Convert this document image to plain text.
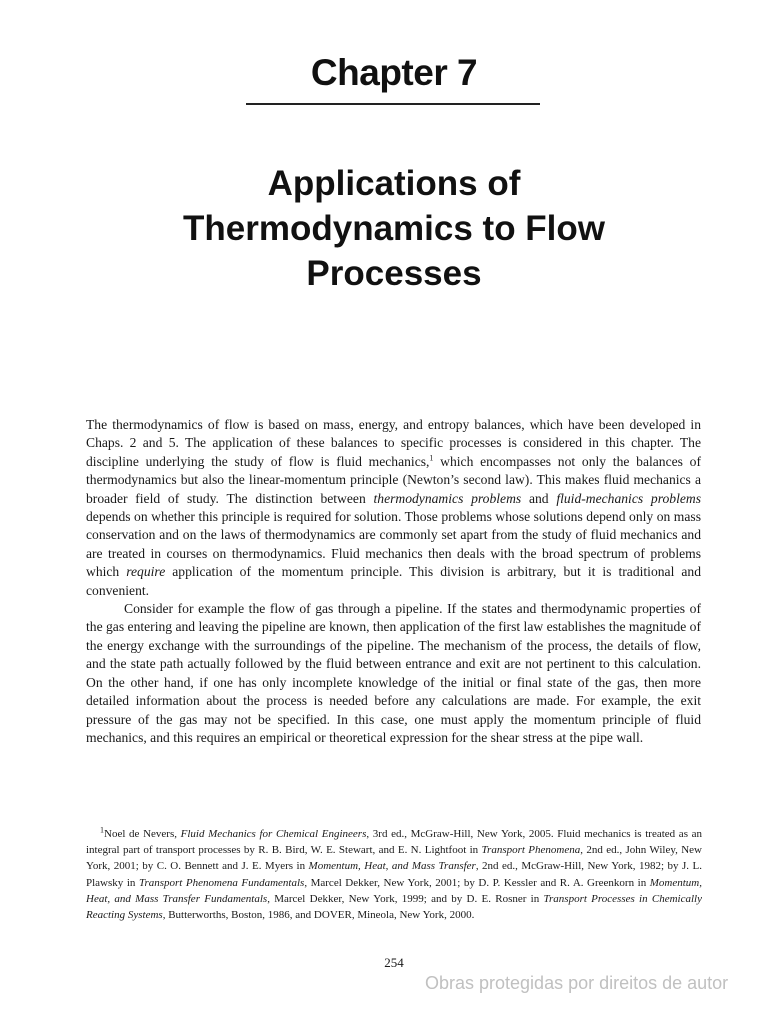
Chapter 7
Applications of
Thermodynamics to Flow
Processes

The thermodynamics of flow is based on mass, energy, and entropy balances, which have been developed in Chaps. 2 and 5. The application of these balances to specific processes is considered in this chapter. The discipline underlying the study of flow is fluid mechanics,$^1$ which encompasses not only the balances of thermodynamics but also the linear-momentum principle (Newton’s second law). This makes fluid mechanics a broader field of study. The distinction between thermodynamics problems and fluid-mechanics problems depends on whether this principle is required for solution. Those problems whose solutions depend only on mass conservation and on the laws of thermodynamics are commonly set apart from the study of fluid mechanics and are treated in courses on thermodynamics. Fluid mechanics then deals with the broad spectrum of problems which require application of the momentum principle. This division is arbitrary, but it is traditional and convenient.

Consider for example the flow of gas through a pipeline. If the states and thermodynamic properties of the gas entering and leaving the pipeline are known, then application of the first law establishes the magnitude of the energy exchange with the surroundings of the pipeline. The mechanism of the process, the details of flow, and the state path actually followed by the fluid between entrance and exit are not pertinent to this calculation. On the other hand, if one has only incomplete knowledge of the initial or final state of the gas, then more detailed information about the process is needed before any calculations are made. For example, the exit pressure of the gas may not be specified. In this case, one must apply the momentum principle of fluid mechanics, and this requires an empirical or theoretical expression for the shear stress at the pipe wall.

$^1$Noel de Nevers, Fluid Mechanics for Chemical Engineers, 3rd ed., McGraw-Hill, New York, 2005. Fluid mechanics is treated as an integral part of transport processes by R. B. Bird, W. E. Stewart, and E. N. Lightfoot in Transport Phenomena, 2nd ed., John Wiley, New York, 2001; by C. O. Bennett and J. E. Myers in Momentum, Heat, and Mass Transfer, 2nd ed., McGraw-Hill, New York, 1982; by J. L. Plawsky in Transport Phenomena Fundamentals, Marcel Dekker, New York, 2001; by D. P. Kessler and R. A. Greenkorn in Momentum, Heat, and Mass Transfer Fundamentals, Marcel Dekker, New York, 1999; and by D. E. Rosner in Transport Processes in Chemically Reacting Systems, Butterworths, Boston, 1986, and DOVER, Mineola, New York, 2000.
254
Obras protegidas por direitos de autor
